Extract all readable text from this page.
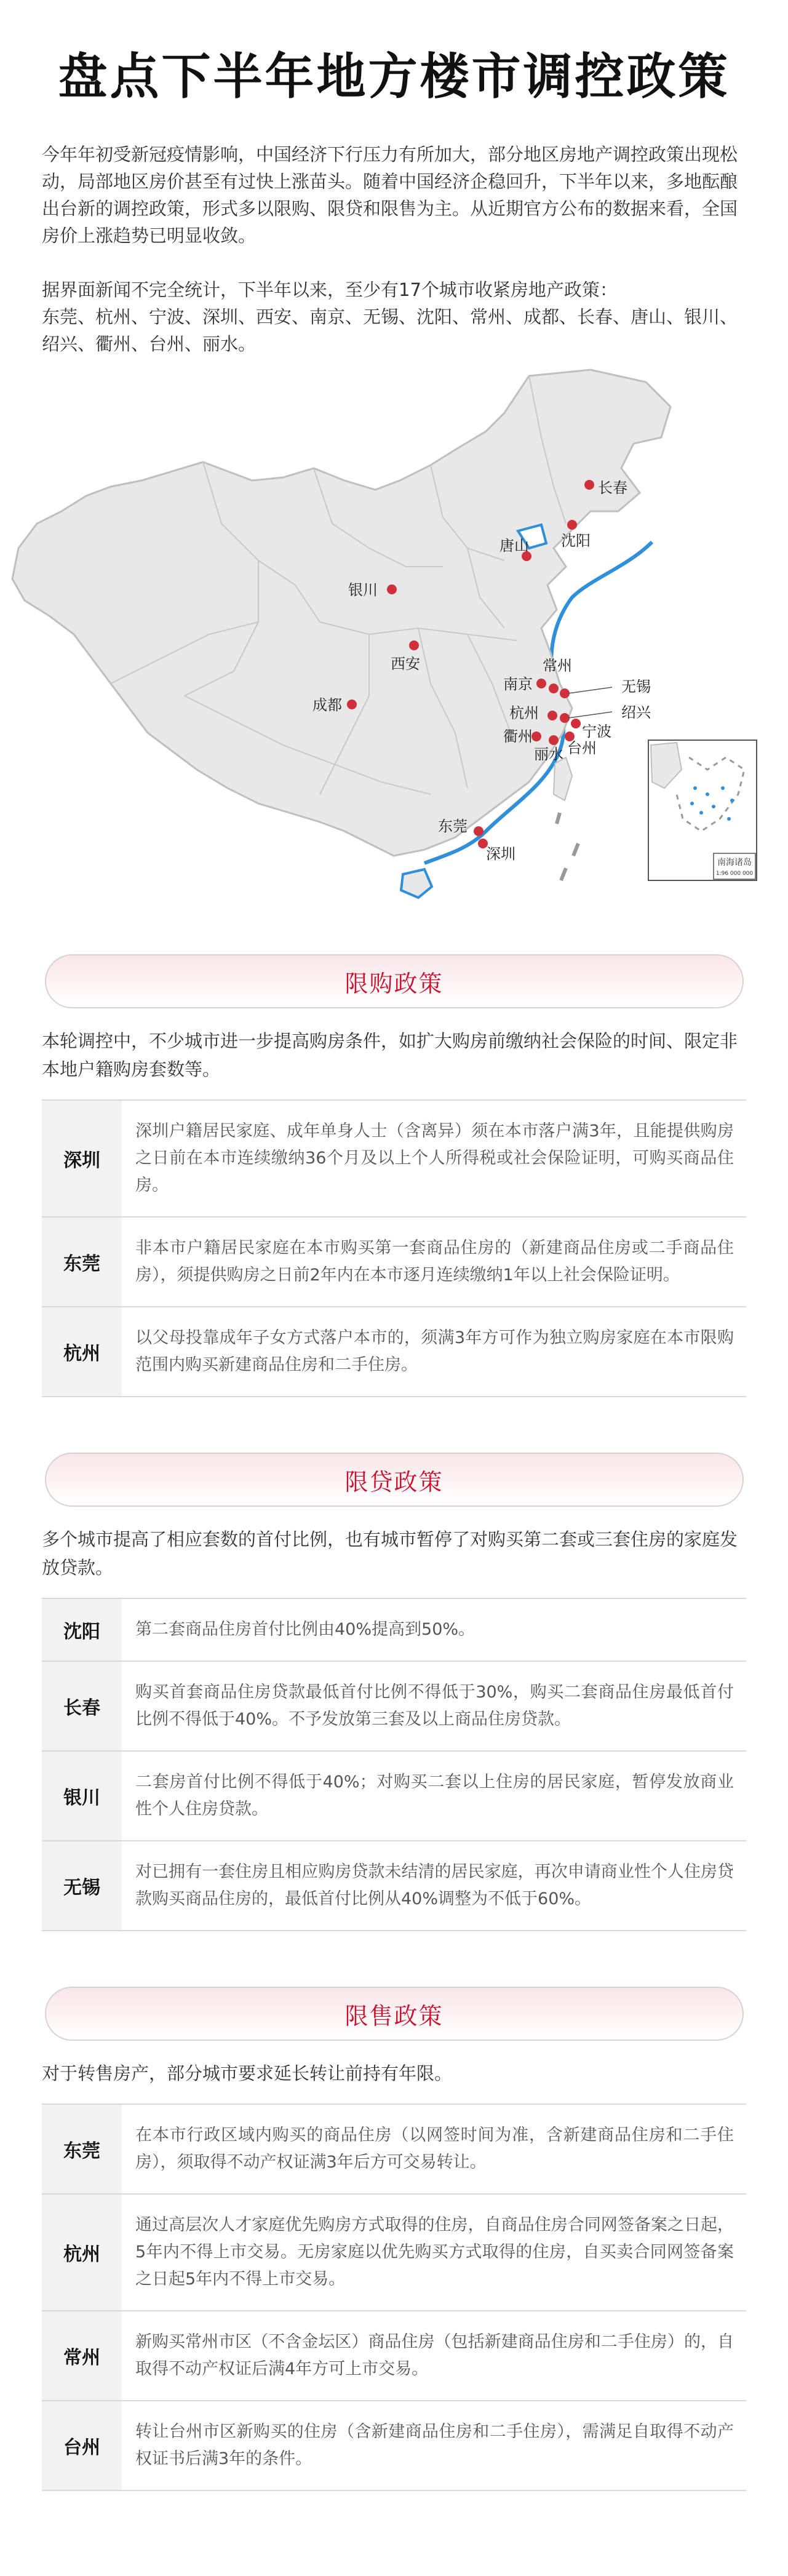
盘点下半年地方楼市调控政策

今年年初受新冠疫情影响，中国经济下行压力有所加大，部分地区房地产调控政策出现松动，局部地区房价甚至有过快上涨苗头。随着中国经济企稳回升，下半年以来，多地酝酿出台新的调控政策，形式多以限购、限贷和限售为主。从近期官方公布的数据来看，全国房价上涨趋势已明显收敛。

据界面新闻不完全统计，下半年以来，至少有17个城市收紧房地产政策：

东莞、杭州、宁波、深圳、西安、南京、无锡、沈阳、常州、成都、长春、唐山、银川、绍兴、衢州、台州、丽水。

南海诸岛
1:96 000 000
长春
沈阳
唐山
银川
西安
成都
南京
常州
无锡
杭州	绍兴
宁波
衢州
丽水 台州
东莞
深圳
限购政策
本轮调控中，不少城市进一步提高购房条件，如扩大购房前缴纳社会保险的时间、限定非本地户籍购房套数等。
深圳
深圳户籍居民家庭、成年单身人士（含离异）须在本市落户满3年，且能提供购房之日前在本市连续缴纳36个月及以上个人所得税或社会保险证明，可购买商品住房。
东莞
非本市户籍居民家庭在本市购买第一套商品住房的（新建商品住房或二手商品住房），须提供购房之日前2年内在本市逐月连续缴纳1年以上社会保险证明。
杭州
以父母投靠成年子女方式落户本市的，须满3年方可作为独立购房家庭在本市限购范围内购买新建商品住房和二手住房。
限贷政策
多个城市提高了相应套数的首付比例，也有城市暂停了对购买第二套或三套住房的家庭发放贷款。
沈阳	第二套商品住房首付比例由40%提高到50%。
长春
购买首套商品住房贷款最低首付比例不得低于30%，购买二套商品住房最低首付比例不得低于40%。不予发放第三套及以上商品住房贷款。
银川
二套房首付比例不得低于40%；对购买二套以上住房的居民家庭，暂停发放商业性个人住房贷款。
无锡
对已拥有一套住房且相应购房贷款未结清的居民家庭，再次申请商业性个人住房贷款购买商品住房的，最低首付比例从40%调整为不低于60%。
限售政策
对于转售房产，部分城市要求延长转让前持有年限。
东莞
在本市行政区域内购买的商品住房（以网签时间为准，含新建商品住房和二手住房），须取得不动产权证满3年后方可交易转让。
杭州
通过高层次人才家庭优先购房方式取得的住房，自商品住房合同网签备案之日起，5年内不得上市交易。无房家庭以优先购买方式取得的住房，自买卖合同网签备案之日起5年内不得上市交易。
常州
新购买常州市区（不含金坛区）商品住房（包括新建商品住房和二手住房）的，自取得不动产权证后满4年方可上市交易。
台州
转让台州市区新购买的住房（含新建商品住房和二手住房），需满足自取得不动产权证书后满3年的条件。
